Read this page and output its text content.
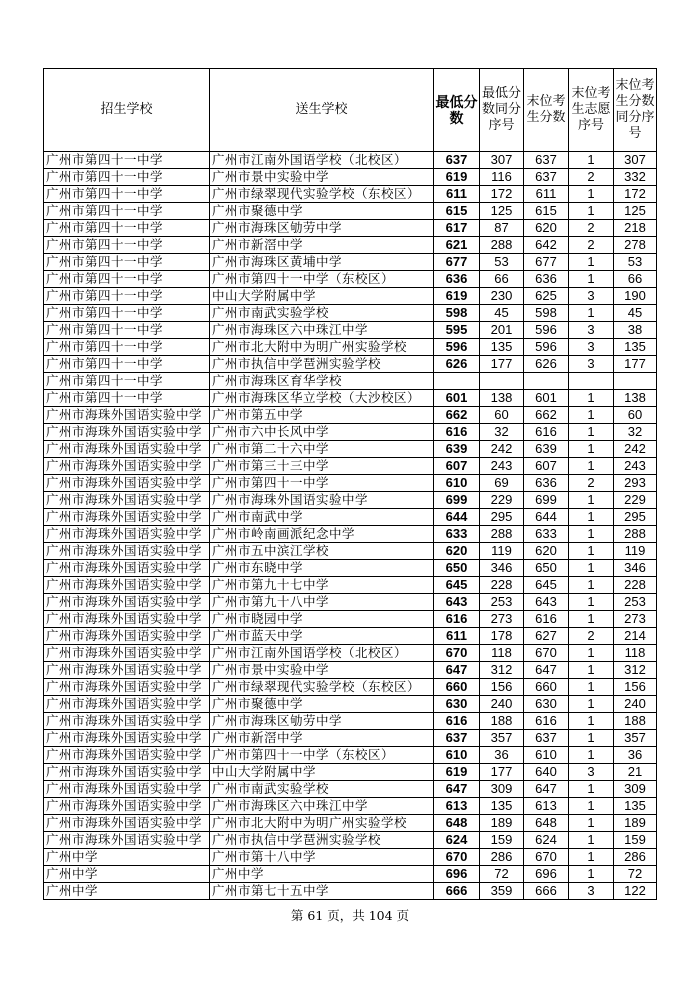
招生学校	送生学校	最低分数	最低分数同分序号	末位考生分数	末位考生志愿序号	末位考生分数同分序号
广州市第四十一中学	广州市江南外国语学校（北校区）	637	307	637	1	307
广州市第四十一中学	广州市景中实验中学	619	116	637	2	332
广州市第四十一中学	广州市绿翠现代实验学校（东校区）	611	172	611	1	172
广州市第四十一中学	广州市聚德中学	615	125	615	1	125
广州市第四十一中学	广州市海珠区劬劳中学	617	87	620	2	218
广州市第四十一中学	广州市新滘中学	621	288	642	2	278
广州市第四十一中学	广州市海珠区黄埔中学	677	53	677	1	53
广州市第四十一中学	广州市第四十一中学（东校区）	636	66	636	1	66
广州市第四十一中学	中山大学附属中学	619	230	625	3	190
广州市第四十一中学	广州市南武实验学校	598	45	598	1	45
广州市第四十一中学	广州市海珠区六中珠江中学	595	201	596	3	38
广州市第四十一中学	广州市北大附中为明广州实验学校	596	135	596	3	135
广州市第四十一中学	广州市执信中学琶洲实验学校	626	177	626	3	177
广州市第四十一中学	广州市海珠区育华学校					
广州市第四十一中学	广州市海珠区华立学校（大沙校区）	601	138	601	1	138
广州市海珠外国语实验中学	广州市第五中学	662	60	662	1	60
广州市海珠外国语实验中学	广州市六中长风中学	616	32	616	1	32
广州市海珠外国语实验中学	广州市第二十六中学	639	242	639	1	242
广州市海珠外国语实验中学	广州市第三十三中学	607	243	607	1	243
广州市海珠外国语实验中学	广州市第四十一中学	610	69	636	2	293
广州市海珠外国语实验中学	广州市海珠外国语实验中学	699	229	699	1	229
广州市海珠外国语实验中学	广州市南武中学	644	295	644	1	295
广州市海珠外国语实验中学	广州市岭南画派纪念中学	633	288	633	1	288
广州市海珠外国语实验中学	广州市五中滨江学校	620	119	620	1	119
广州市海珠外国语实验中学	广州市东晓中学	650	346	650	1	346
广州市海珠外国语实验中学	广州市第九十七中学	645	228	645	1	228
广州市海珠外国语实验中学	广州市第九十八中学	643	253	643	1	253
广州市海珠外国语实验中学	广州市晓园中学	616	273	616	1	273
广州市海珠外国语实验中学	广州市蓝天中学	611	178	627	2	214
广州市海珠外国语实验中学	广州市江南外国语学校（北校区）	670	118	670	1	118
广州市海珠外国语实验中学	广州市景中实验中学	647	312	647	1	312
广州市海珠外国语实验中学	广州市绿翠现代实验学校（东校区）	660	156	660	1	156
广州市海珠外国语实验中学	广州市聚德中学	630	240	630	1	240
广州市海珠外国语实验中学	广州市海珠区劬劳中学	616	188	616	1	188
广州市海珠外国语实验中学	广州市新滘中学	637	357	637	1	357
广州市海珠外国语实验中学	广州市第四十一中学（东校区）	610	36	610	1	36
广州市海珠外国语实验中学	中山大学附属中学	619	177	640	3	21
广州市海珠外国语实验中学	广州市南武实验学校	647	309	647	1	309
广州市海珠外国语实验中学	广州市海珠区六中珠江中学	613	135	613	1	135
广州市海珠外国语实验中学	广州市北大附中为明广州实验学校	648	189	648	1	189
广州市海珠外国语实验中学	广州市执信中学琶洲实验学校	624	159	624	1	159
广州中学	广州市第十八中学	670	286	670	1	286
广州中学	广州中学	696	72	696	1	72
广州中学	广州市第七十五中学	666	359	666	3	122
第 61 页，共 104 页
